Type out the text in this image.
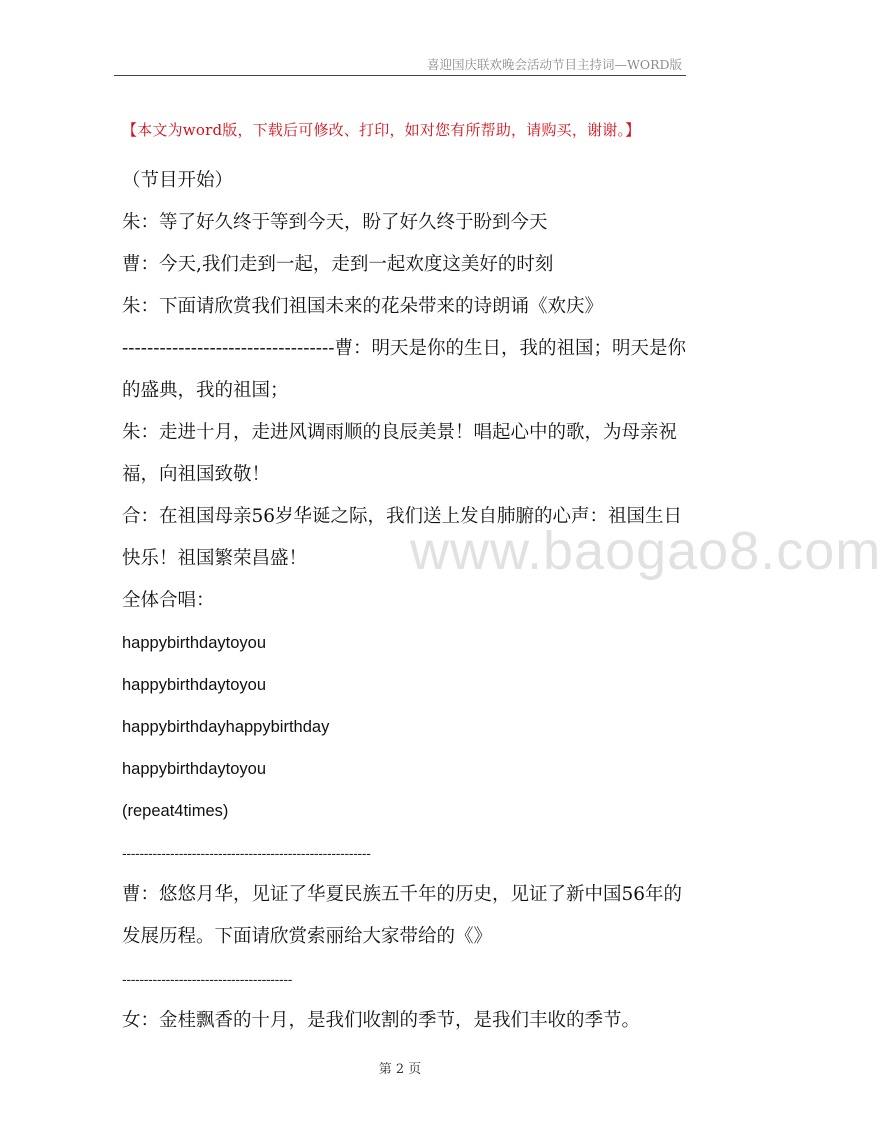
喜迎国庆联欢晚会活动节目主持词—WORD版
【本文为word版，下载后可修改、打印，如对您有所帮助，请购买，谢谢。】

（节目开始）

朱：等了好久终于等到今天，盼了好久终于盼到今天

曹：今天,我们走到一起，走到一起欢度这美好的时刻

朱：下面请欣赏我们祖国未来的花朵带来的诗朗诵《欢庆》

----------------------------------曹：明天是你的生日，我的祖国；明天是你的盛典，我的祖国；

朱：走进十月，走进风调雨顺的良辰美景！唱起心中的歌，为母亲祝福，向祖国致敬！

合：在祖国母亲56岁华诞之际，我们送上发自肺腑的心声：祖国生日快乐！祖国繁荣昌盛！

全体合唱：

happybirthdaytoyou

happybirthdaytoyou

happybirthdayhappybirthday

happybirthdaytoyou

(repeat4times)

---------------------------------------------------------

曹：悠悠月华，见证了华夏民族五千年的历史，见证了新中国56年的发展历程。下面请欣赏索丽给大家带给的《》

---------------------------------------

女：金桂飘香的十月，是我们收割的季节，是我们丰收的季节。

www.baogao8.com
第 2 页
